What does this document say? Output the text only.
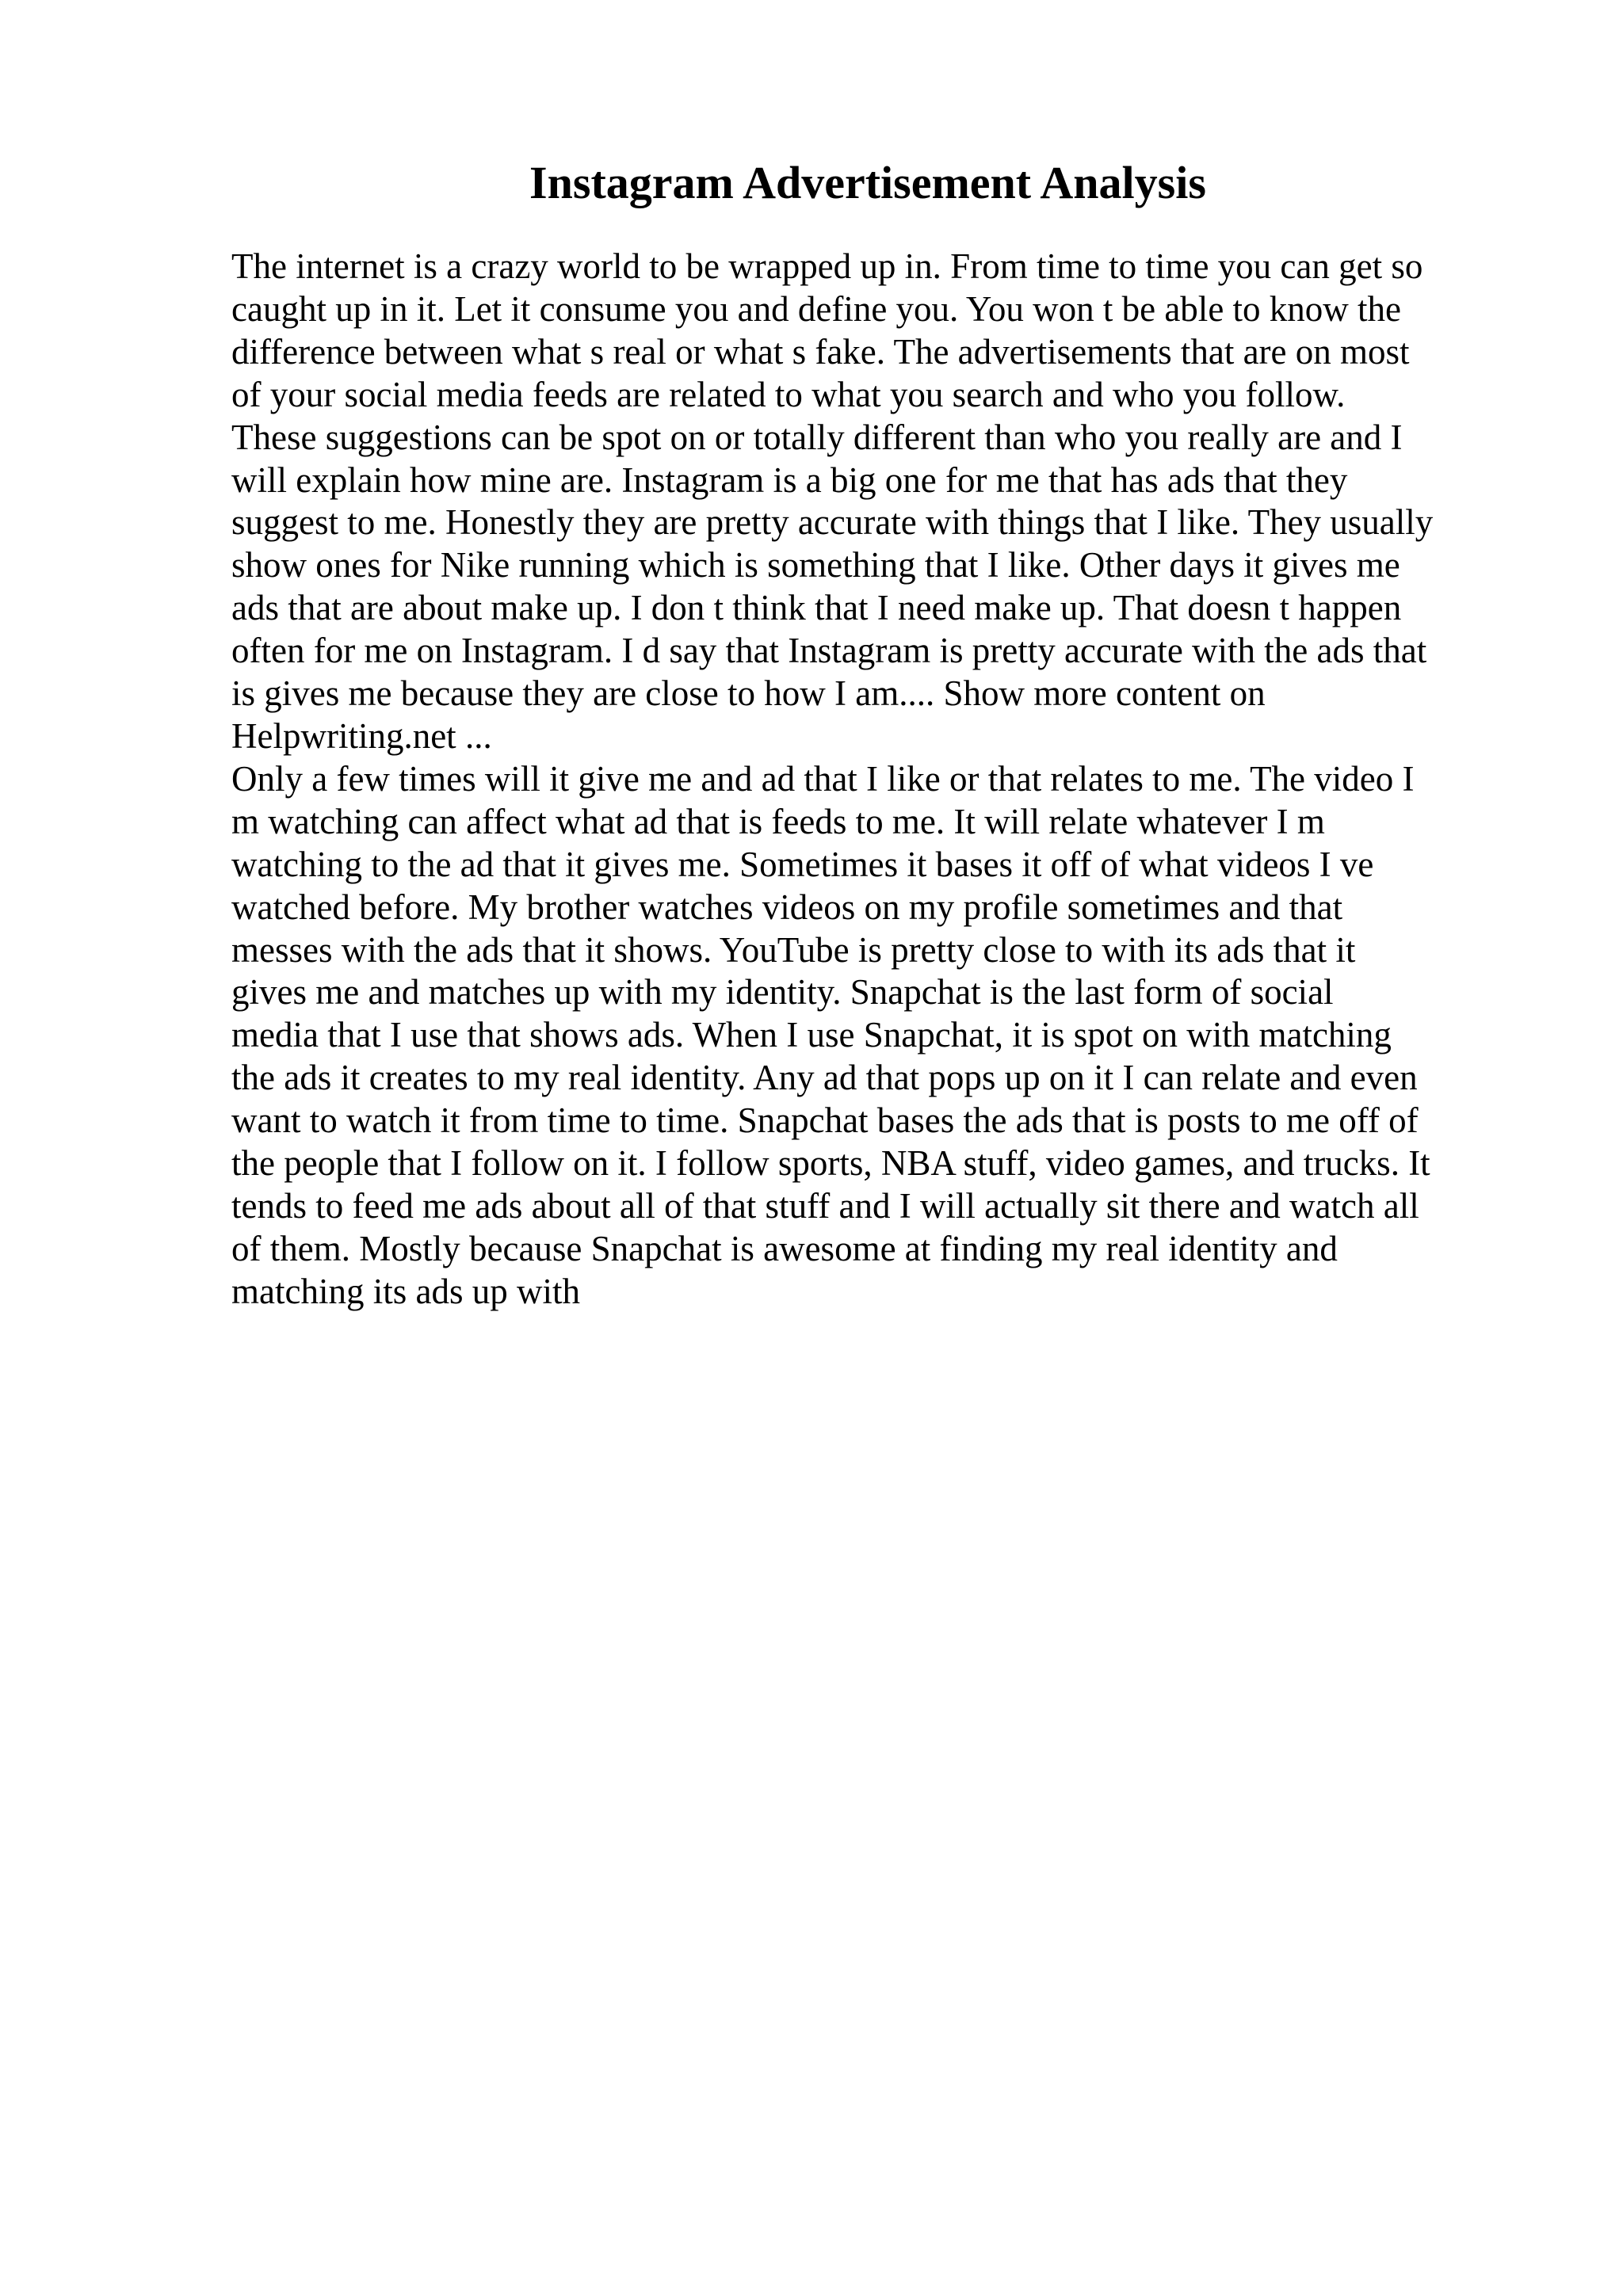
Instagram Advertisement Analysis
The internet is a crazy world to be wrapped up in. From time to time you can get so
caught up in it. Let it consume you and define you. You won t be able to know the
difference between what s real or what s fake. The advertisements that are on most
of your social media feeds are related to what you search and who you follow.
These suggestions can be spot on or totally different than who you really are and I
will explain how mine are. Instagram is a big one for me that has ads that they
suggest to me. Honestly they are pretty accurate with things that I like. They usually
show ones for Nike running which is something that I like. Other days it gives me
ads that are about make up. I don t think that I need make up. That doesn t happen
often for me on Instagram. I d say that Instagram is pretty accurate with the ads that
is gives me because they are close to how I am.... Show more content on
Helpwriting.net ...
Only a few times will it give me and ad that I like or that relates to me. The video I
m watching can affect what ad that is feeds to me. It will relate whatever I m
watching to the ad that it gives me. Sometimes it bases it off of what videos I ve
watched before. My brother watches videos on my profile sometimes and that
messes with the ads that it shows. YouTube is pretty close to with its ads that it
gives me and matches up with my identity. Snapchat is the last form of social
media that I use that shows ads. When I use Snapchat, it is spot on with matching
the ads it creates to my real identity. Any ad that pops up on it I can relate and even
want to watch it from time to time. Snapchat bases the ads that is posts to me off of
the people that I follow on it. I follow sports, NBA stuff, video games, and trucks. It
tends to feed me ads about all of that stuff and I will actually sit there and watch all
of them. Mostly because Snapchat is awesome at finding my real identity and
matching its ads up with
